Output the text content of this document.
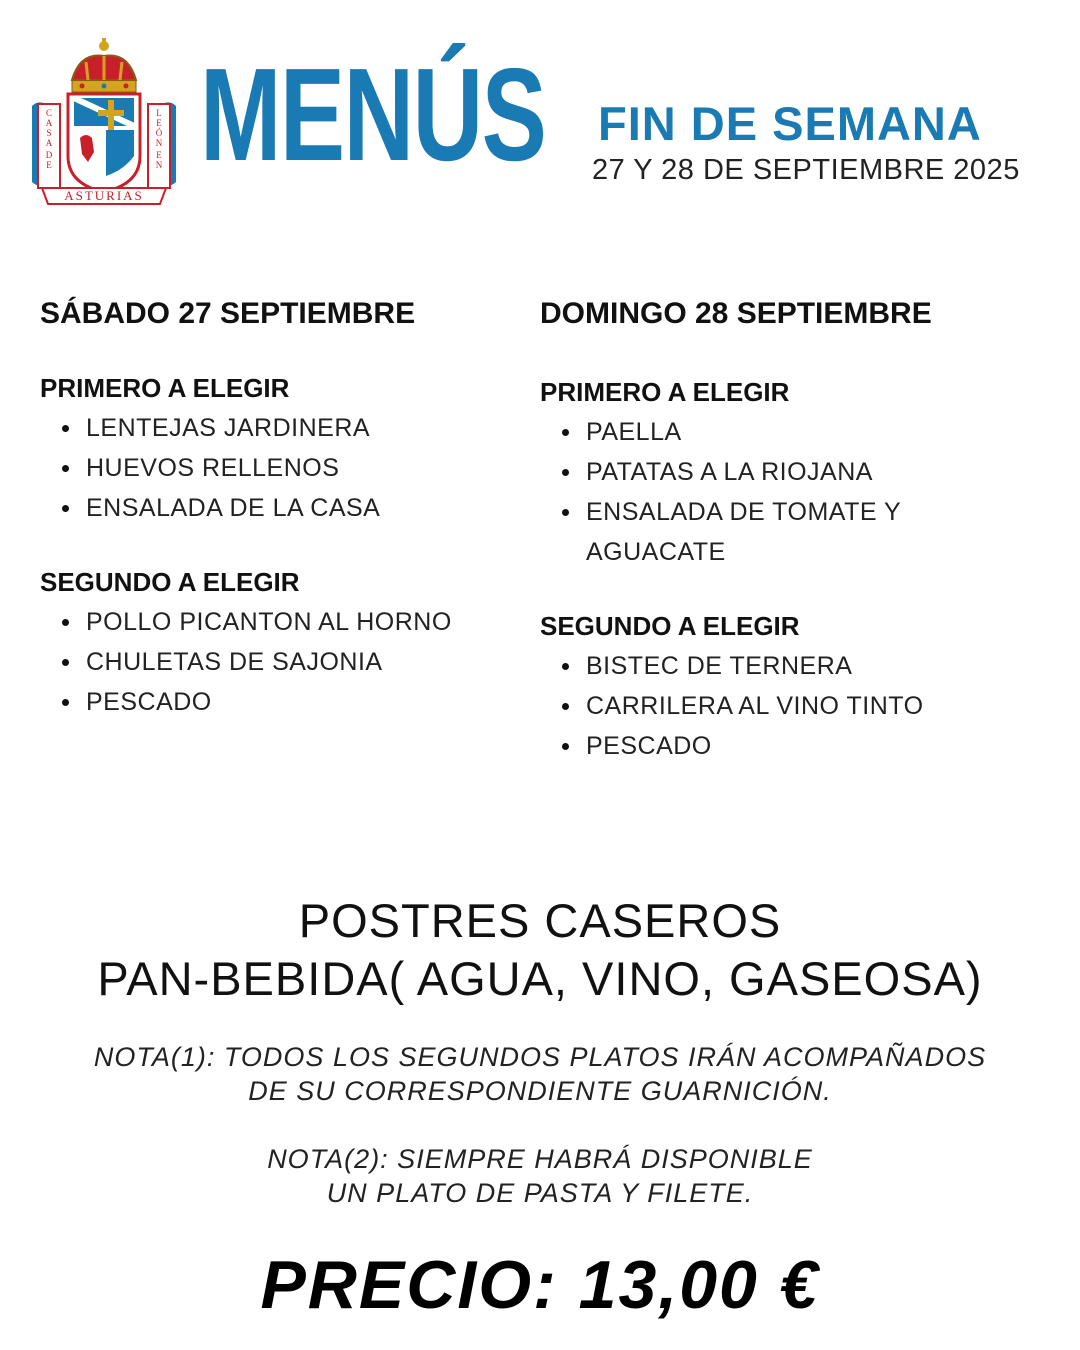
C A S A D E
L E Ó N E N
ASTURIAS
MENÚS FIN DE SEMANA
27 Y 28 DE SEPTIEMBRE 2025
SÁBADO 27 SEPTIEMBRE
PRIMERO A ELEGIR
LENTEJAS JARDINERA
HUEVOS RELLENOS
ENSALADA DE LA CASA
SEGUNDO A ELEGIR
POLLO PICANTON AL HORNO
CHULETAS DE SAJONIA
PESCADO
DOMINGO 28 SEPTIEMBRE
PRIMERO A ELEGIR
PAELLA
PATATAS A LA RIOJANA
ENSALADA DE TOMATE Y AGUACATE
SEGUNDO A ELEGIR
BISTEC DE TERNERA
CARRILERA AL VINO TINTO
PESCADO
POSTRES CASEROS
PAN-BEBIDA( AGUA, VINO, GASEOSA)
NOTA(1): TODOS LOS SEGUNDOS PLATOS IRÁN ACOMPAÑADOS
DE SU CORRESPONDIENTE GUARNICIÓN.
NOTA(2): SIEMPRE HABRÁ DISPONIBLE
UN PLATO DE PASTA Y FILETE.
PRECIO: 13,00 €
